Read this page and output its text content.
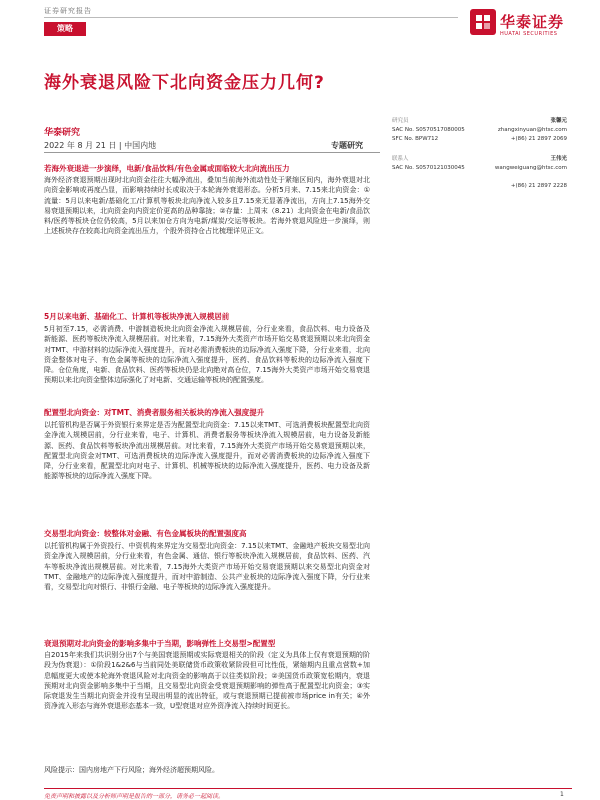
证券研究报告
策略	华泰证券
HUATAI SECURITIES
海外衰退风险下北向资金压力几何?
华泰研究
2022 年 8 月 21 日 | 中国内地	专题研究
研究员	张馨元
SAC No. S0570517080005	zhangxinyuan@htsc.com
SFC No. BPW712	+(86) 21 2897 2069
联系人	王伟光
SAC No. S0570121030045	wangweiguang@htsc.com
+(86) 21 2897 2228
若海外衰退进一步演绎，电新/食品饮料/有色金属或面临较大北向流出压力
海外经济衰退预期出现时北向资金往往大幅净流出，叠加当前海外流动性处于紧缩区间内，海外衰退对北向资金影响或再度凸显，而影响持续时长或取决于本轮海外衰退形态。分析5月来、7.15来北向资金：①流量：5月以来电新/基础化工/计算机等板块北向净流入较多且7.15来无显著净流出，方向上7.15海外交易衰退预期以来，北向资金向内资定价更高的品种靠拢；②存量：上周末（8.21）北向资金在电新/食品饮料/医药等板块仓位仍较高，5月以来加仓方向为电新/煤炭/交运等板块。若海外衰退风险进一步演绎，则上述板块存在较高北向资金流出压力，个股外资持仓占比梳理详见正文。
5月以来电新、基础化工、计算机等板块净流入规模居前
5月初至7.15，必需消费、中游制造板块北向资金净流入规模居前，分行业来看，食品饮料、电力设备及新能源、医药等板块净流入规模居前。对比来看，7.15海外大类资产市场开始交易衰退预期以来北向资金对TMT、中游材料的边际净流入强度提升，而对必需消费板块的边际净流入强度下降，分行业来看，北向资金整体对电子、有色金属等板块的边际净流入强度提升，医药、食品饮料等板块的边际净流入强度下降。仓位角度，电新、食品饮料、医药等板块仍是北向绝对高仓位，7.15海外大类资产市场开始交易衰退预期以来北向资金整体边际强化了对电新、交通运输等板块的配置强度。
配置型北向资金：对TMT、消费者服务相关板块的净流入强度提升
以托管机构是否属于外资银行来界定是否为配置型北向资金：7.15以来TMT、可选消费板块配置型北向资金净流入规模居前，分行业来看，电子、计算机、消费者服务等板块净流入规模居前，电力设备及新能源、医药、食品饮料等板块净流出规模居前。对比来看，7.15海外大类资产市场开始交易衰退预期以来，配置型北向资金对TMT、可选消费板块的边际净流入强度提升，而对必需消费板块的边际净流入强度下降，分行业来看，配置型北向对电子、计算机、机械等板块的边际净流入强度提升，医药、电力设备及新能源等板块的边际净流入强度下降。
交易型北向资金：较整体对金融、有色金属板块的配置强度高
以托管机构属于外资投行、中资机构来界定为交易型北向资金：7.15以来TMT、金融地产板块交易型北向资金净流入规模居前，分行业来看，有色金属、通信、银行等板块净流入规模居前，食品饮料、医药、汽车等板块净流出规模居前。对比来看，7.15海外大类资产市场开始交易衰退预期以来交易型北向资金对TMT、金融地产的边际净流入强度提升，而对中游制造、公共产业板块的边际净流入强度下降，分行业来看，交易型北向对银行、非银行金融、电子等板块的边际净流入强度提升。
衰退预期对北向资金的影响多集中于当期，影响弹性上交易型>配置型
自2015年来我们共识别分出7个与美国衰退预期或实际衰退相关的阶段（定义为具体上仅有衰退预期的阶段为伪衰退）：①阶段1&2&6与当前同处美联储货币政策收紧阶段但可比性低，紧缩期内且重点营数+加息幅度更大或使本轮海外衰退风险对北向资金的影响高于以往类似阶段；②美国货币政策宽松期内，衰退预期对北向资金影响多集中于当期，且交易型北向资金受衰退预期影响的弹性高于配置型北向资金；③实际衰退发生当期北向资金并没有呈现出明显的流出特征，或与衰退预期已提前被市场price in有关；④外资净流入形态与海外衰退形态基本一致，U型衰退对应外资净流入持续时间更长。
风险提示：国内房地产下行风险；海外经济超预期风险。
免责声明和披露以及分析师声明是报告的一部分，请务必一起阅读。	1
